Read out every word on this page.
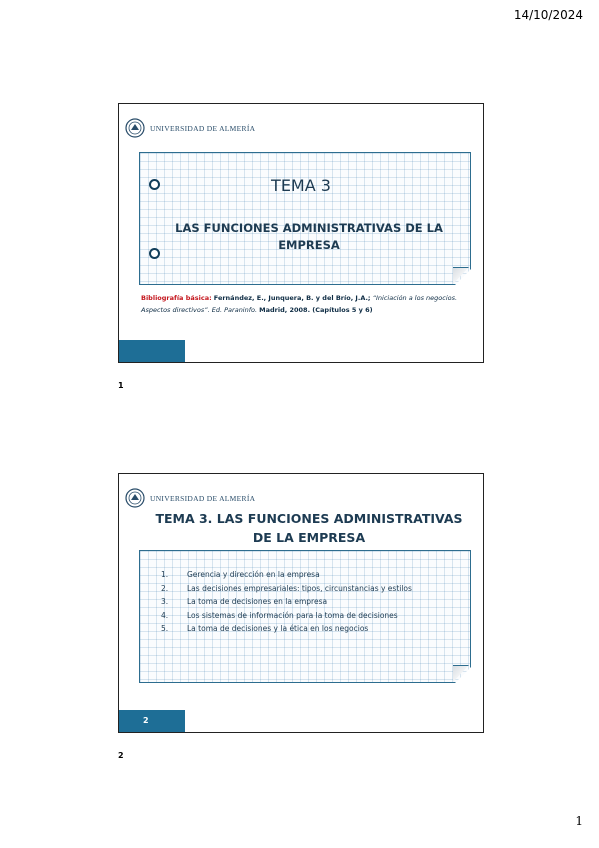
14/10/2024
UNIVERSIDAD DE ALMERÍA
TEMA 3
LAS FUNCIONES ADMINISTRATIVAS DE LA EMPRESA
Bibliografía básica: Fernández, E., Junquera, B. y del Brío, J.A.; “Iniciación a los negocios. Aspectos directivos”. Ed. Paraninfo. Madrid, 2008. (Capítulos 5 y 6)
1
UNIVERSIDAD DE ALMERÍA
TEMA 3. LAS FUNCIONES ADMINISTRATIVAS DE LA EMPRESA
1.	Gerencia y dirección en la empresa
2.	Las decisiones empresariales: tipos, circunstancias y estilos
3.	La toma de decisiones en la empresa
4.	Los sistemas de información para la toma de decisiones
5.	La toma de decisiones y la ética en los negocios
2
2
1
